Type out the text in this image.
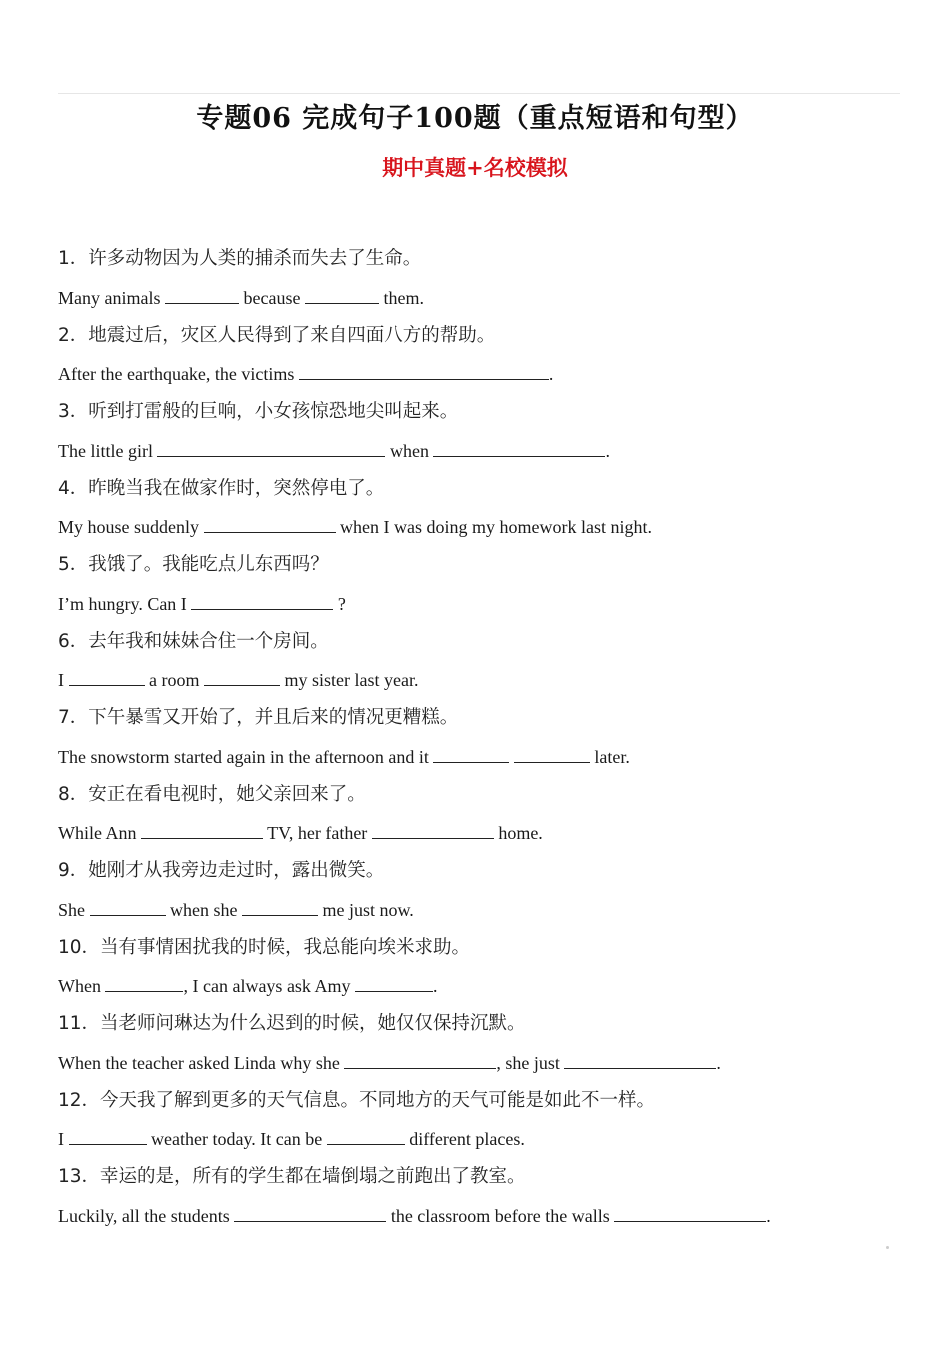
专题06 完成句子100题（重点短语和句型）
期中真题+名校模拟
1．许多动物因为人类的捕杀而失去了生命。
Many animals	because	them.
2．地震过后，灾区人民得到了来自四面八方的帮助。
After the earthquake, the victims	.
3．听到打雷般的巨响，小女孩惊恐地尖叫起来。
The little girl	when	.
4．昨晚当我在做家作时，突然停电了。
My house suddenly	when I was doing my homework last night.
5．我饿了。我能吃点儿东西吗？
I’m hungry. Can I	?
6．去年我和妹妹合住一个房间。
I	a room	my sister last year.
7．下午暴雪又开始了，并且后来的情况更糟糕。
The snowstorm started again in the afternoon and it	later.
8．安正在看电视时，她父亲回来了。
While Ann	TV, her father	home.
9．她刚才从我旁边走过时，露出微笑。
She	when she	me just now.
10．当有事情困扰我的时候，我总能向埃米求助。
When	, I can always ask Amy	.
11．当老师问琳达为什么迟到的时候，她仅仅保持沉默。
When the teacher asked Linda why she	, she just	.
12．今天我了解到更多的天气信息。不同地方的天气可能是如此不一样。
I	weather today. It can be	different places.
13．幸运的是，所有的学生都在墙倒塌之前跑出了教室。
Luckily, all the students	the classroom before the walls	.
